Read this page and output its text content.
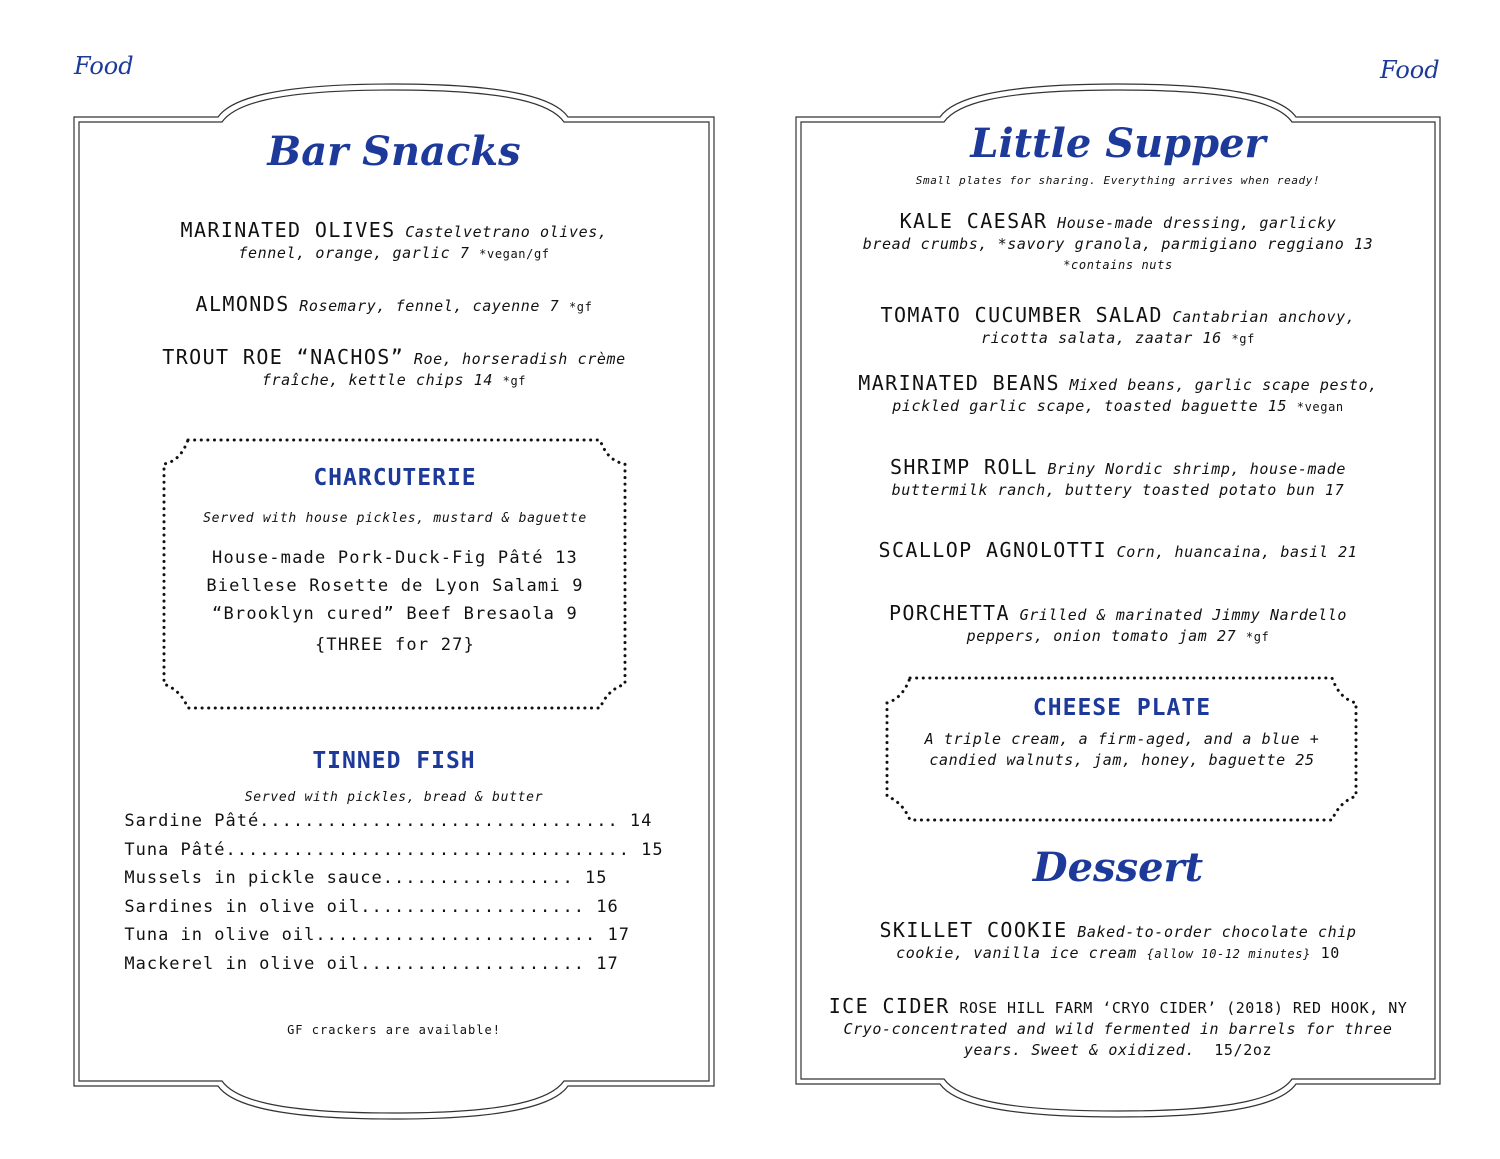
Food	Food
Bar Snacks
MARINATED OLIVES Castelvetrano olives,
fennel, orange, garlic 7 *vegan/gf
ALMONDS Rosemary, fennel, cayenne 7 *gf
TROUT ROE “NACHOS” Roe, horseradish crème
fraîche, kettle chips 14 *gf
CHARCUTERIE
Served with house pickles, mustard & baguette
House-made Pork-Duck-Fig Pâté 13
Biellese Rosette de Lyon Salami 9
“Brooklyn cured” Beef Bresaola 9
{THREE for 27}
TINNED FISH
Served with pickles, bread & butter
Sardine Pâté................................ 14
Tuna Pâté.................................... 15
Mussels in pickle sauce................. 15
Sardines in olive oil.................... 16
Tuna in olive oil......................... 17
Mackerel in olive oil.................... 17
GF crackers are available!
Little Supper
Small plates for sharing. Everything arrives when ready!
KALE CAESAR House-made dressing, garlicky
bread crumbs, *savory granola, parmigiano reggiano 13
*contains nuts
TOMATO CUCUMBER SALAD Cantabrian anchovy,
ricotta salata, zaatar 16 *gf
MARINATED BEANS Mixed beans, garlic scape pesto,
pickled garlic scape, toasted baguette 15 *vegan
SHRIMP ROLL Briny Nordic shrimp, house-made
buttermilk ranch, buttery toasted potato bun 17
SCALLOP AGNOLOTTI Corn, huancaina, basil 21
PORCHETTA Grilled & marinated Jimmy Nardello
peppers, onion tomato jam 27 *gf
CHEESE PLATE
A triple cream, a firm-aged, and a blue +
candied walnuts, jam, honey, baguette 25
Dessert
SKILLET COOKIE Baked-to-order chocolate chip
cookie, vanilla ice cream {allow 10-12 minutes} 10
ICE CIDER ROSE HILL FARM ‘CRYO CIDER’ (2018) RED HOOK, NY
Cryo-concentrated and wild fermented in barrels for three
years. Sweet & oxidized. 15/2oz
